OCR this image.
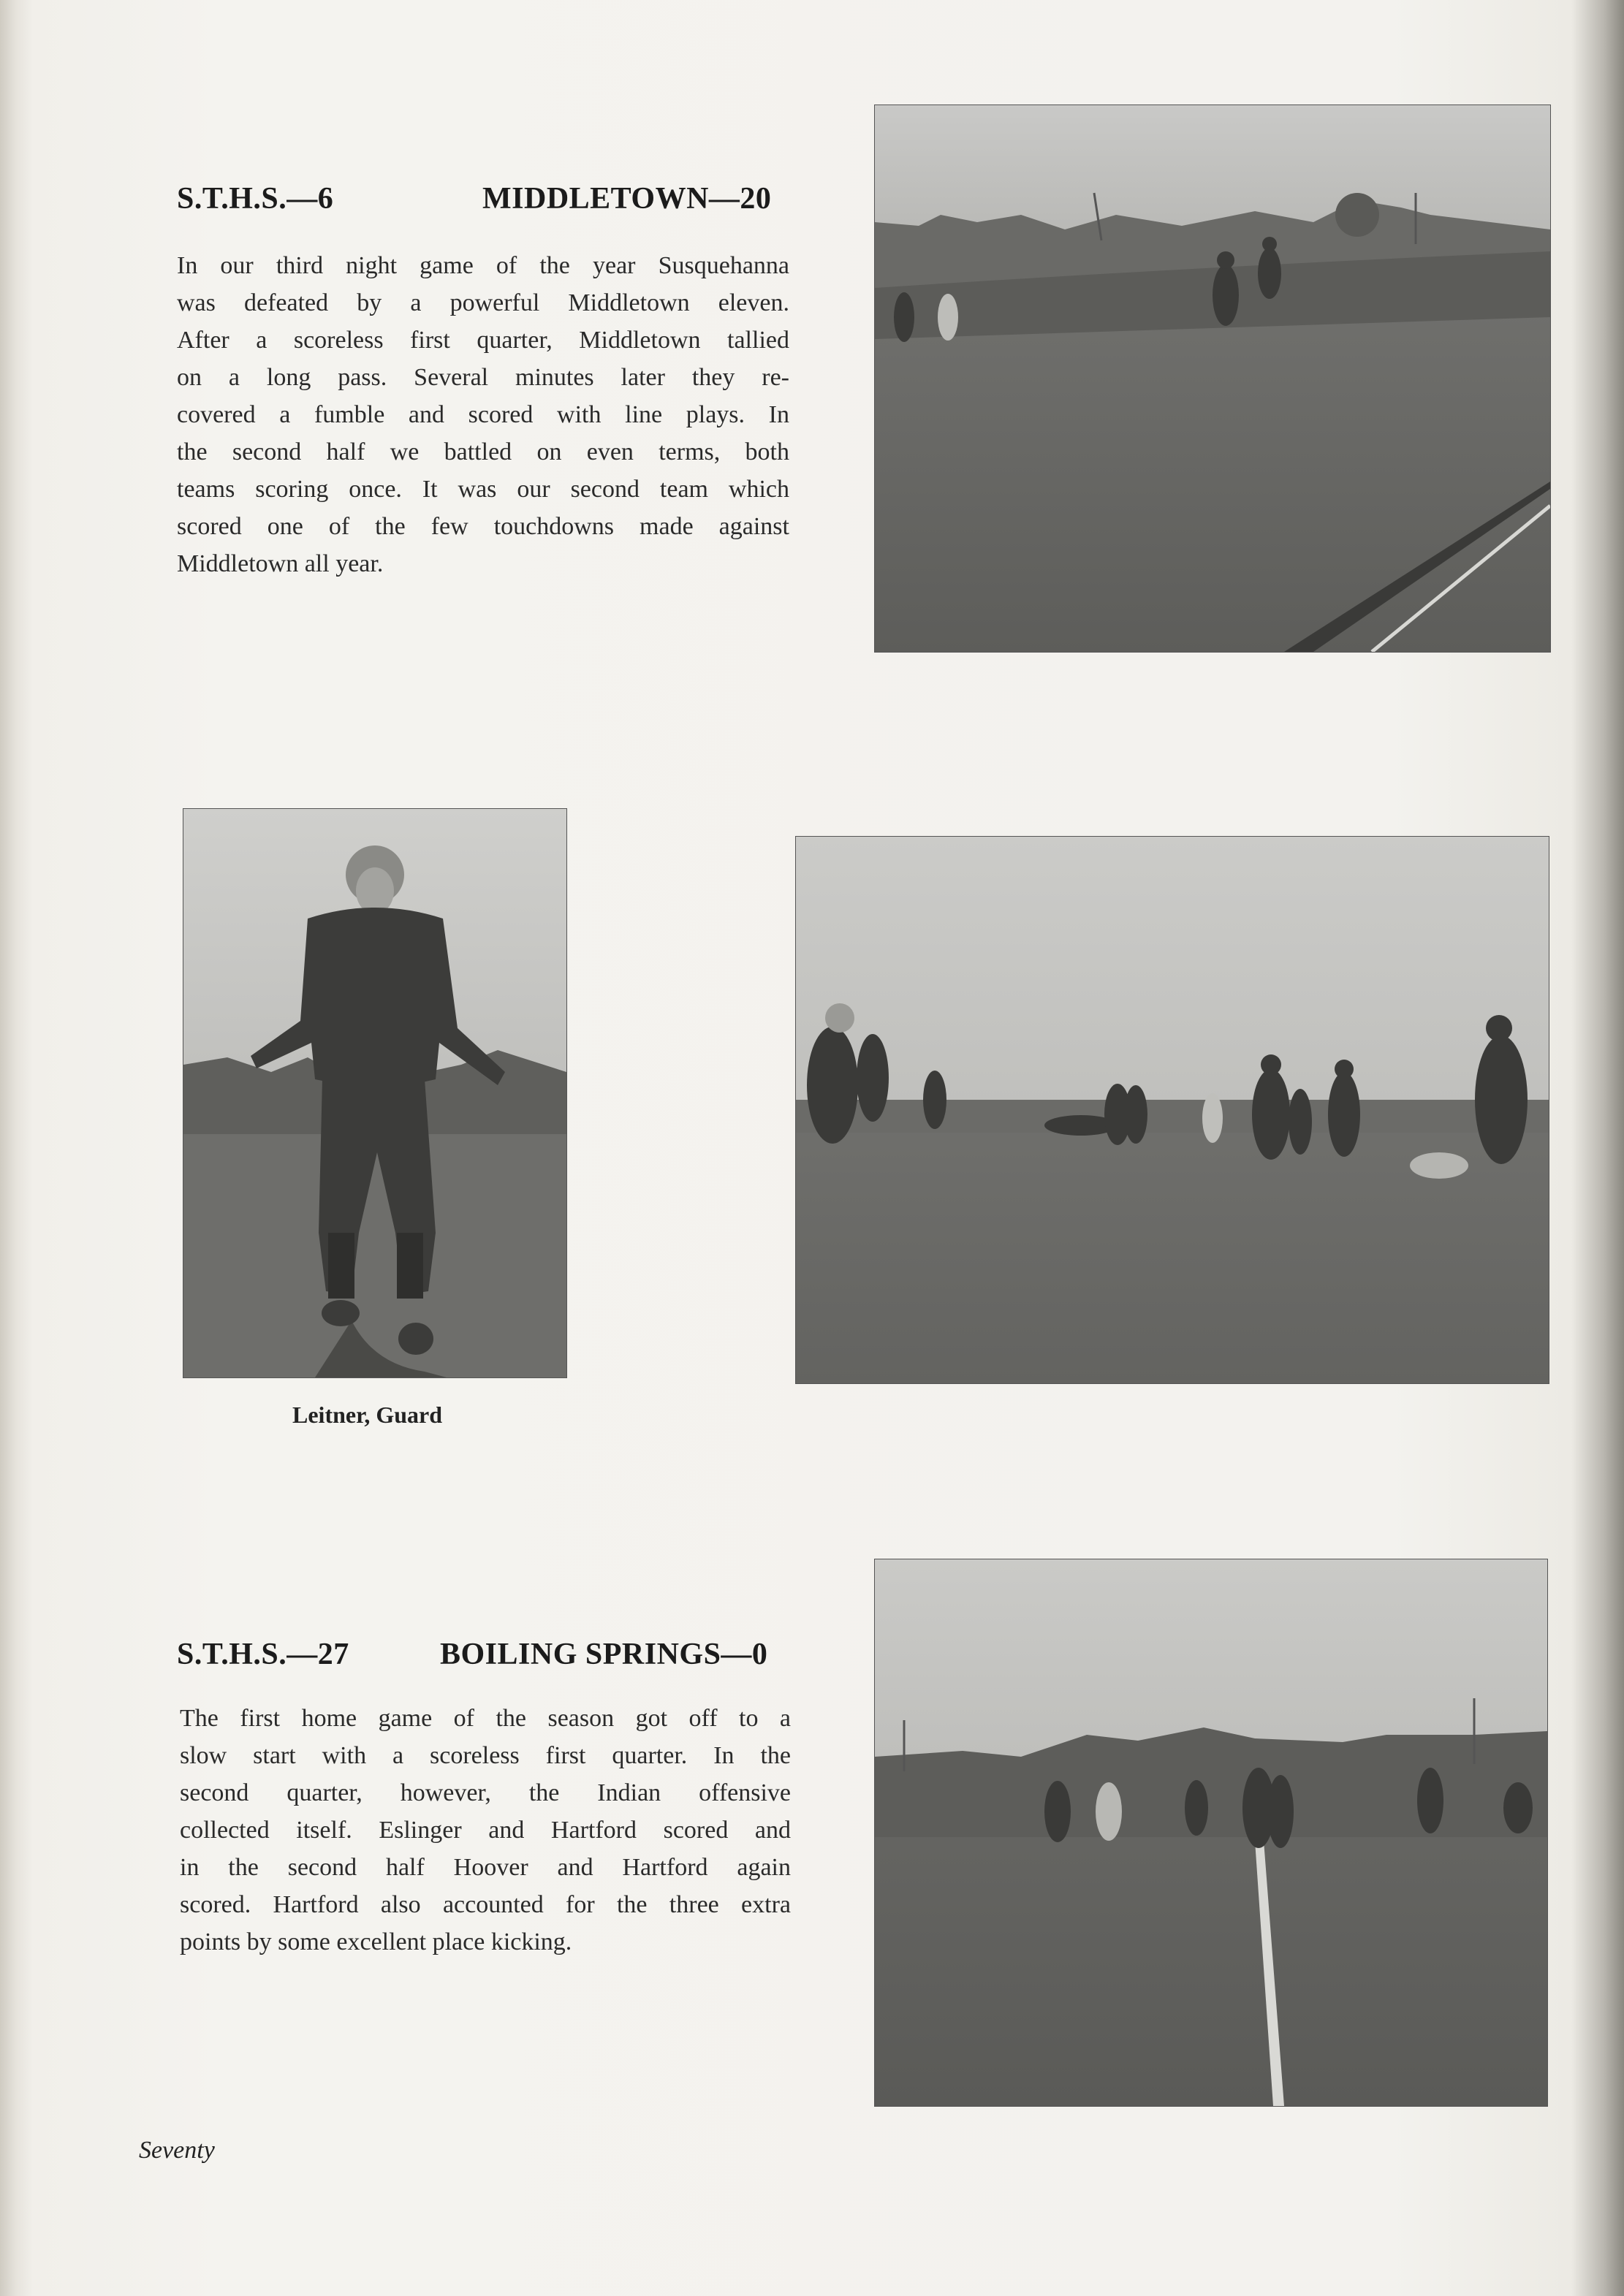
S.T.H.S.—6	MIDDLETOWN—20
In our third night game of the year Susquehanna
was defeated by a powerful Middletown eleven.
After a scoreless first quarter, Middletown tallied
on a long pass. Several minutes later they re-
covered a fumble and scored with line plays. In
the second half we battled on even terms, both
teams scoring once. It was our second team which
scored one of the few touchdowns made against
Middletown all year.
Leitner, Guard
S.T.H.S.—27	BOILING SPRINGS—0
The first home game of the season got off to a
slow start with a scoreless first quarter. In the
second quarter, however, the Indian offensive
collected itself. Eslinger and Hartford scored and
in the second half Hoover and Hartford again
scored. Hartford also accounted for the three extra
points by some excellent place kicking.
Seventy
